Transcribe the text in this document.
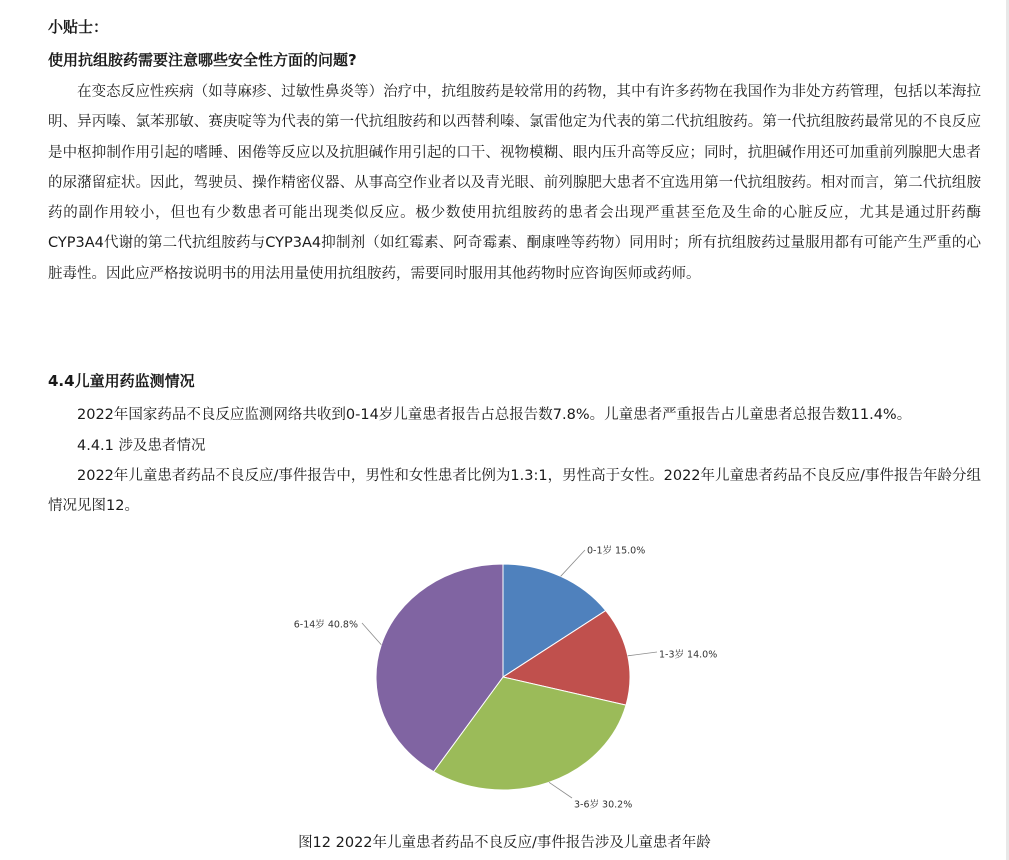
小贴士：
使用抗组胺药需要注意哪些安全性方面的问题?
在变态反应性疾病（如荨麻疹、过敏性鼻炎等）治疗中，抗组胺药是较常用的药物，其中有许多药物在我国作为非处方药管理，包括以苯海拉明、异丙嗪、氯苯那敏、赛庚啶等为代表的第一代抗组胺药和以西替利嗪、氯雷他定为代表的第二代抗组胺药。第一代抗组胺药最常见的不良反应是中枢抑制作用引起的嗜睡、困倦等反应以及抗胆碱作用引起的口干、视物模糊、眼内压升高等反应；同时，抗胆碱作用还可加重前列腺肥大患者的尿潴留症状。因此，驾驶员、操作精密仪器、从事高空作业者以及青光眼、前列腺肥大患者不宜选用第一代抗组胺药。相对而言，第二代抗组胺药的副作用较小，但也有少数患者可能出现类似反应。极少数使用抗组胺药的患者会出现严重甚至危及生命的心脏反应，尤其是通过肝药酶CYP3A4代谢的第二代抗组胺药与CYP3A4抑制剂（如红霉素、阿奇霉素、酮康唑等药物）同用时；所有抗组胺药过量服用都有可能产生严重的心脏毒性。因此应严格按说明书的用法用量使用抗组胺药，需要同时服用其他药物时应咨询医师或药师。
4.4儿童用药监测情况
2022年国家药品不良反应监测网络共收到0-14岁儿童患者报告占总报告数7.8%。儿童患者严重报告占儿童患者总报告数11.4%。
4.4.1 涉及患者情况
2022年儿童患者药品不良反应/事件报告中，男性和女性患者比例为1.3:1，男性高于女性。2022年儿童患者药品不良反应/事件报告年龄分组情况见图12。
0-1岁 15.0%
1-3岁 14.0%
3-6岁 30.2%
6-14岁 40.8%
图12 2022年儿童患者药品不良反应/事件报告涉及儿童患者年龄
